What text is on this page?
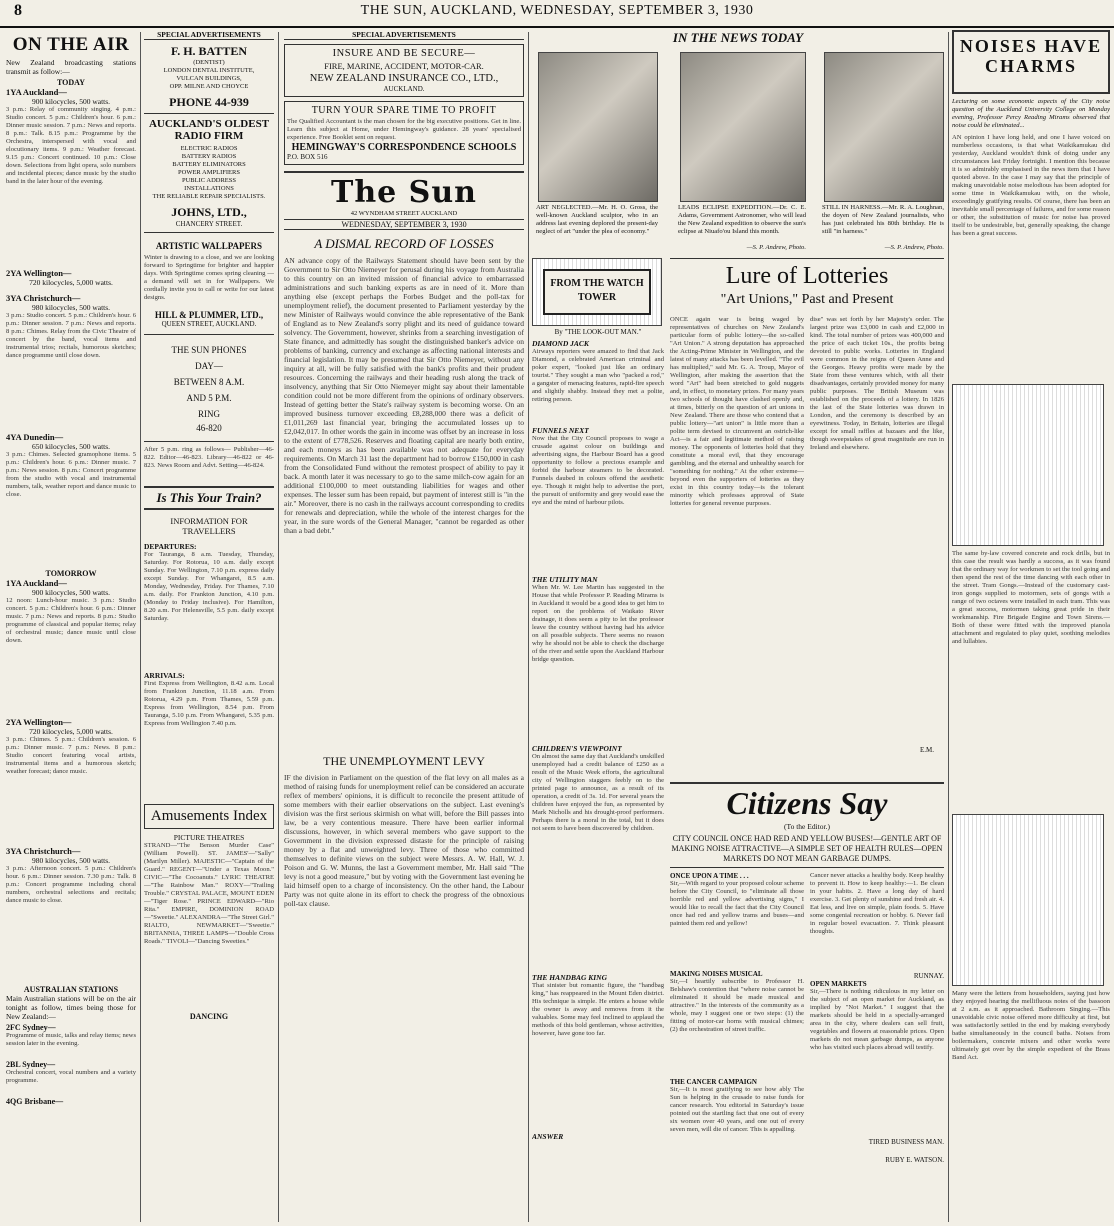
8	THE SUN, AUCKLAND, WEDNESDAY, SEPTEMBER 3, 1930
ON THE AIR
New Zealand broadcasting stations transmit as follow:—
TODAY
1YA Auckland—
900 kilocycles, 500 watts.
3 p.m.: Relay of community singing. 4 p.m.: Studio concert. 5 p.m.: Children's hour. 6 p.m.: Dinner music session. 7 p.m.: News and reports. 8 p.m.: Talk. 8.15 p.m.: Programme by the Orchestra, interspersed with vocal and elocutionary items. 9 p.m.: Weather forecast. 9.15 p.m.: Concert continued. 10 p.m.: Close down. Selections from light opera, solo numbers and incidental pieces; dance music by the studio band in the later hour of the evening.
2YA Wellington—
720 kilocycles, 5,000 watts.
3YA Christchurch—
980 kilocycles, 500 watts.
3 p.m.: Studio concert. 5 p.m.: Children's hour. 6 p.m.: Dinner session. 7 p.m.: News and reports. 8 p.m.: Chimes. Relay from the Civic Theatre of concert by the band, vocal items and instrumental trios; recitals, humorous sketches; dance programme until close down.
4YA Dunedin—
650 kilocycles, 500 watts.
3 p.m.: Chimes. Selected gramophone items. 5 p.m.: Children's hour. 6 p.m.: Dinner music. 7 p.m.: News session. 8 p.m.: Concert programme from the studio with vocal and instrumental numbers, talk, weather report and dance music to close.
TOMORROW
1YA Auckland—
900 kilocycles, 500 watts.
12 noon: Lunch-hour music. 3 p.m.: Studio concert. 5 p.m.: Children's hour. 6 p.m.: Dinner music. 7 p.m.: News and reports. 8 p.m.: Studio programme of classical and popular items; relay of orchestral music; dance music until close down.
2YA Wellington—
720 kilocycles, 5,000 watts.
3 p.m.: Chimes. 5 p.m.: Children's session. 6 p.m.: Dinner music. 7 p.m.: News. 8 p.m.: Studio concert featuring vocal artists, instrumental items and a humorous sketch; weather forecast; dance music.
3YA Christchurch—
980 kilocycles, 500 watts.
3 p.m.: Afternoon concert. 5 p.m.: Children's hour. 6 p.m.: Dinner session. 7.30 p.m.: Talk. 8 p.m.: Concert programme including choral numbers, orchestral selections and recitals; dance music to close.
AUSTRALIAN STATIONS
Main Australian stations will be on the air tonight as follow, times being those for New Zealand:—
2FC Sydney—
Programme of music, talks and relay items; news session later in the evening.
2BL Sydney—
Orchestral concert, vocal numbers and a variety programme.
4QG Brisbane—
SPECIAL ADVERTISEMENTS
F. H. BATTEN
(DENTIST)
LONDON DENTAL INSTITUTE,
VULCAN BUILDINGS,
OPP. MILNE AND CHOYCE
PHONE 44-939
AUCKLAND'S OLDEST RADIO FIRM
ELECTRIC RADIOS
BATTERY RADIOS
BATTERY ELIMINATORS
POWER AMPLIFIERS
PUBLIC ADDRESS
INSTALLATIONS
THE RELIABLE REPAIR SPECIALISTS.
JOHNS, LTD.,
CHANCERY STREET.
ARTISTIC WALLPAPERS
Winter is drawing to a close, and we are looking forward to Springtime for brighter and happier days. With Springtime comes spring cleaning — a demand will set in for Wallpapers. We cordially invite you to call or write for our latest designs.
HILL & PLUMMER, LTD.,
QUEEN STREET, AUCKLAND.
THE SUN PHONES
DAY—
BETWEEN 8 A.M.
AND 5 P.M.
RING
46-820
After 5 p.m. ring as follows— Publisher—46-822. Editor—46-823. Library—46-822 or 46-823. News Room and Advt. Setting—46-824.
Is This Your Train?
INFORMATION FOR TRAVELLERS
DEPARTURES:
For Tauranga, 8 a.m. Tuesday, Thursday, Saturday. For Rotorua, 10 a.m. daily except Sunday. For Wellington, 7.10 p.m. express daily except Sunday. For Whangarei, 8.5 a.m. Monday, Wednesday, Friday. For Thames, 7.10 a.m. daily. For Frankton Junction, 4.10 p.m. (Monday to Friday inclusive). For Hamilton, 8.20 a.m. For Helensville, 5.5 p.m. daily except Saturday.
ARRIVALS:
First Express from Wellington, 8.42 a.m. Local from Frankton Junction, 11.18 a.m. From Rotorua, 4.29 p.m. From Thames, 5.59 p.m. Express from Wellington, 8.54 p.m. From Tauranga, 5.10 p.m. From Whangarei, 5.35 p.m. Express from Wellington 7.40 p.m.
Amusements Index
PICTURE THEATRES
STRAND—"The Benson Murder Case" (William Powell). ST. JAMES'—"Sally" (Marilyn Miller). MAJESTIC—"Captain of the Guard." REGENT—"Under a Texas Moon." CIVIC—"The Cocoanuts." LYRIC THEATRE—"The Rainbow Man." ROXY—"Trailing Trouble." CRYSTAL PALACE, MOUNT EDEN—"Tiger Rose." PRINCE EDWARD—"Rio Rita." EMPIRE, DOMINION ROAD—"Sweetie." ALEXANDRA—"The Street Girl." RIALTO, NEWMARKET—"Sweetie." BRITANNIA, THREE LAMPS—"Double Cross Roads." TIVOLI—"Dancing Sweeties."
DANCING
SPECIAL ADVERTISEMENTS
INSURE AND BE SECURE—
FIRE, MARINE, ACCIDENT, MOTOR-CAR.
NEW ZEALAND INSURANCE CO., LTD.,
AUCKLAND.
TURN YOUR SPARE TIME TO PROFIT
The Qualified Accountant is the man chosen for the big executive positions. Get in line. Learn this subject at Home, under Hemingway's guidance. 28 years' specialised experience. Free Booklet sent on request.
HEMINGWAY'S CORRESPONDENCE SCHOOLS
P.O. BOX 516
The Sun
42 WYNDHAM STREET AUCKLAND
WEDNESDAY, SEPTEMBER 3, 1930
A DISMAL RECORD OF LOSSES
AN advance copy of the Railways Statement should have been sent by the Government to Sir Otto Niemeyer for perusal during his voyage from Australia to this country on an invited mission of financial advice to embarrassed administrations and such banking experts as are in need of it. More than anything else (except perhaps the Forbes Budget and the poll-tax for unemployment relief), the document presented to Parliament yesterday by the new Minister of Railways would convince the able representative of the Bank of England as to New Zealand's sorry plight and its need of guidance toward solvency. The Government, however, shrinks from a searching investigation of State finance, and admittedly has sought the distinguished banker's advice on problems of banking, currency and exchange as affecting national interests and financial legislation. It may be presumed that Sir Otto Niemeyer, without any inquiry at all, will be fully satisfied with the bank's profits and their prudent resources. Concerning the railways and their heading rush along the track of insolvency, anything that Sir Otto Niemeyer might say about their lamentable condition could not be more different from the opinions of ordinary observers. Instead of getting better the State's railway system is becoming worse. On an improved business turnover exceeding £8,288,000 there was a deficit of £1,011,269 last financial year, bringing the accumulated losses up to £2,042,017. In other words the gain in income was offset by an increase in loss to the extent of £778,526. Reserves and floating capital are nearly both entire, and each moneys as has been available was not adequate for everyday requirements. On March 31 last the department had to borrow £150,000 in cash from the Consolidated Fund without the remotest prospect of ability to pay it back. A month later it was necessary to go to the same milch-cow again for an additional £100,000 to meet outstanding liabilities for wages and other expenses. The lesser sum has been repaid, but payment of interest still is "in the air." Moreover, there is no cash in the railways account corresponding to credits for renewals and depreciation, while the whole of the interest charges for the year, in the sure words of the General Manager, "cannot be regarded as other than a bad debt."
THE UNEMPLOYMENT LEVY
IF the division in Parliament on the question of the flat levy on all males as a method of raising funds for unemployment relief can be considered an accurate reflex of members' opinions, it is difficult to reconcile the present attitude of some members with their earlier observations on the subject. Last evening's division was the first serious skirmish on what will, before the Bill passes into law, be a very contentious measure. There have been earlier informal discussions, however, in which several members who gave support to the Government in the division expressed distaste for the principle of raising money by a flat and unweighted levy. Three of those who committed themselves to definite views on the subject were Messrs. A. W. Hall, W. J. Poison and G. W. Munns, the last a Government member, Mr. Hall said "The levy is not a good measure," but by voting with the Government last evening he laid himself open to a charge of inconsistency. On the other hand, the Labour Party was not quite alone in its effort to check the progress of the obnoxious poll-tax clause.
IN THE NEWS TODAY
ART NEGLECTED.—Mr. H. O. Gross, the well-known Auckland sculptor, who in an address last evening deplored the present-day neglect of art "under the plea of economy."
LEADS ECLIPSE EXPEDITION.—Dr. C. E. Adams, Government Astronomer, who will lead the New Zealand expedition to observe the sun's eclipse at Niuafo'ou Island this month.
STILL IN HARNESS.—Mr. R. A. Loughnan, the doyen of New Zealand journalists, who has just celebrated his 80th birthday. He is still "in harness."
—S. P. Andrew, Photo.	—S. P. Andrew, Photo.
FROM THE WATCH TOWER
By "THE LOOK-OUT MAN."
DIAMOND JACK
Airways reporters were amazed to find that Jack Diamond, a celebrated American criminal and poker expert, "looked just like an ordinary tourist." They sought a man who "packed a rod," a gangster of menacing features, rapid-fire speech and slightly shabby. Instead they met a polite, retiring person.
FUNNELS NEXT
Now that the City Council proposes to wage a crusade against colour on buildings and advertising signs, the Harbour Board has a good opportunity to follow a precious example and forbid the harbour steamers to be decorated. Funnels daubed in colours offend the aesthetic eye. Though it might help to advertise the port, the pursuit of uniformity and grey would ease the eye and the mind of harbour pilots.
THE UTILITY MAN
When Mr. W. Lee Martin has suggested in the House that while Professor P. Reading Mirams is in Auckland it would be a good idea to get him to report on the problems of Waikato River drainage, it does seem a pity to let the professor leave the country without having had his advice on all possible subjects. There seems no reason why he should not be able to check the discharge of the river and settle upon the Auckland Harbour bridge question.
CHILDREN'S VIEWPOINT
On almost the same day that Auckland's unskilled unemployed had a credit balance of £250 as a result of the Music Week efforts, the agricultural city of Wellington staggers feebly on to the printed page to announce, as a result of its operation, a credit of 3s. 1d. For several years the children have enjoyed the fun, as represented by Mark Nicholls and his drought-proof performers. Perhaps there is a moral in the total, but it does not seem to have been discovered by children.
THE HANDBAG KING
That sinister but romantic figure, the "handbag king," has reappeared in the Mount Eden district. His technique is simple. He enters a house while the owner is away and removes from it the valuables. Some may feel inclined to applaud the methods of this bold gentleman, whose activities, however, have gone too far.
ANSWER
Lure of Lotteries
"Art Unions," Past and Present
ONCE again war is being waged by representatives of churches on New Zealand's particular form of public lottery—the so-called "Art Union." A strong deputation has approached the Acting-Prime Minister in Wellington, and the latest of many attacks has been levelled. "The evil has multiplied," said Mr. G. A. Troup, Mayor of Wellington, after making the assertion that the word "Art" had been stretched to gold nuggets and, in effect, to monetary prizes. For many years two schools of thought have clashed openly and, at times, bitterly on the question of art unions in New Zealand. There are those who contend that a public lottery—"art union" is little more than a polite term devised to circumvent an ostrich-like Act—is a fair and legitimate method of raising money. The opponents of lotteries hold that they constitute a moral evil, that they encourage gambling, and the eternal and unhealthy search for "something for nothing." At the other extreme—beyond even the supporters of lotteries as they exist in this country today—is the tolerant minority which professes approval of State lotteries for general revenue purposes.
dise" was set forth by her Majesty's order. The largest prize was £3,000 in cash and £2,000 in kind. The total number of prizes was 400,000 and the price of each ticket 10s., the profits being devoted to public works. Lotteries in England were common in the reigns of Queen Anne and the Georges. Heavy profits were made by the State from these ventures which, with all their disadvantages, certainly provided money for many public purposes. The British Museum was established on the proceeds of a lottery. In 1826 the last of the State lotteries was drawn in London, and the ceremony is described by an eyewitness. Today, in Britain, lotteries are illegal except for small raffles at bazaars and the like, though sweepstakes of great magnitude are run in Ireland and elsewhere.
E.M.
Citizens Say
(To the Editor.)
CITY COUNCIL ONCE HAD RED AND YELLOW BUSES!—GENTLE ART OF MAKING NOISE ATTRACTIVE—A SIMPLE SET OF HEALTH RULES—OPEN MARKETS DO NOT MEAN GARBAGE DUMPS.
ONCE UPON A TIME . . .
Sir,—With regard to your proposed colour scheme before the City Council, to "eliminate all those horrible red and yellow advertising signs," I would like to recall the fact that the City Council once had red and yellow trams and buses—and painted them red and yellow!
MAKING NOISES MUSICAL
Sir,—I heartily subscribe to Professor H. Belshaw's contention that "where noise cannot be eliminated it should be made musical and attractive." In the interests of the community as a whole, may I suggest one or two steps: (1) the fitting of motor-car horns with musical chimes; (2) the orchestration of street traffic.
THE CANCER CAMPAIGN
Sir,—It is most gratifying to see how ably The Sun is helping in the crusade to raise funds for cancer research. You editorial in Saturday's issue pointed out the startling fact that one out of every six women over 40 years, and one out of every seven men, will die of cancer. This is appalling.
Cancer never attacks a healthy body. Keep healthy to prevent it. How to keep healthy:—1. Be clean in your habits. 2. Have a long day of hard exercise. 3. Get plenty of sunshine and fresh air. 4. Eat less, and live on simple, plain foods. 5. Have some congenial recreation or hobby. 6. Never fail in regular bowel evacuation. 7. Think pleasant thoughts.
RUNNAY.
OPEN MARKETS
Sir,—There is nothing ridiculous in my letter on the subject of an open market for Auckland, as implied by "Not Market." I suggest that the markets should be held in a specially-arranged area in the city, where dealers can sell fruit, vegetables and flowers at reasonable prices. Open markets do not mean garbage dumps, as anyone who has visited such places abroad will testify.
TIRED BUSINESS MAN.
RUBY E. WATSON.
NOISES HAVE CHARMS
Lecturing on some economic aspects of the City noise question of the Auckland University College on Monday evening, Professor Percy Reading Mirams observed that noise could be eliminated...
AN opinion I have long held, and one I have voiced on numberless occasions, is that what Waikikamukau did yesterday, Auckland wouldn't think of doing under any circumstances last Friday fortnight. I mention this because it is so admirably emphasised in the news item that I have quoted above. In the case I may say that the principle of making unavoidable noise melodious has been adopted for some time in Waikikamukau with, on the whole, exceedingly gratifying results. Of course, there has been an inevitable small percentage of failures, and for some reason or other, the substitution of music for noise has proved itself to be undesirable, but, generally speaking, the change has been a great success.
The same by-law covered concrete and rock drills, but in this case the result was hardly a success, as it was found that the ordinary way for workmen to set the tool going and then spend the rest of the time dancing with each other in the street. Tram Gongs.—Instead of the customary cast-iron gongs supplied to motormen, sets of gongs with a range of two octaves were installed in each tram. This was a great success, motormen taking great pride in their workmanship. Fire Brigade Engine and Town Sirens.—Both of these were fitted with the improved pianola attachment and regulated to play quiet, soothing melodies and lullabies.
Many were the letters from householders, saying just how they enjoyed hearing the mellifluous notes of the bassoon at 2 a.m. as it approached. Bathroom Singing.—This unavoidable civic noise offered more difficulty at first, but was satisfactorily settled in the end by making everybody bathe simultaneously in the council baths. Noises from boilermakers, concrete mixers and other works were ultimately got over by the simple expedient of the Brass Band Act.
